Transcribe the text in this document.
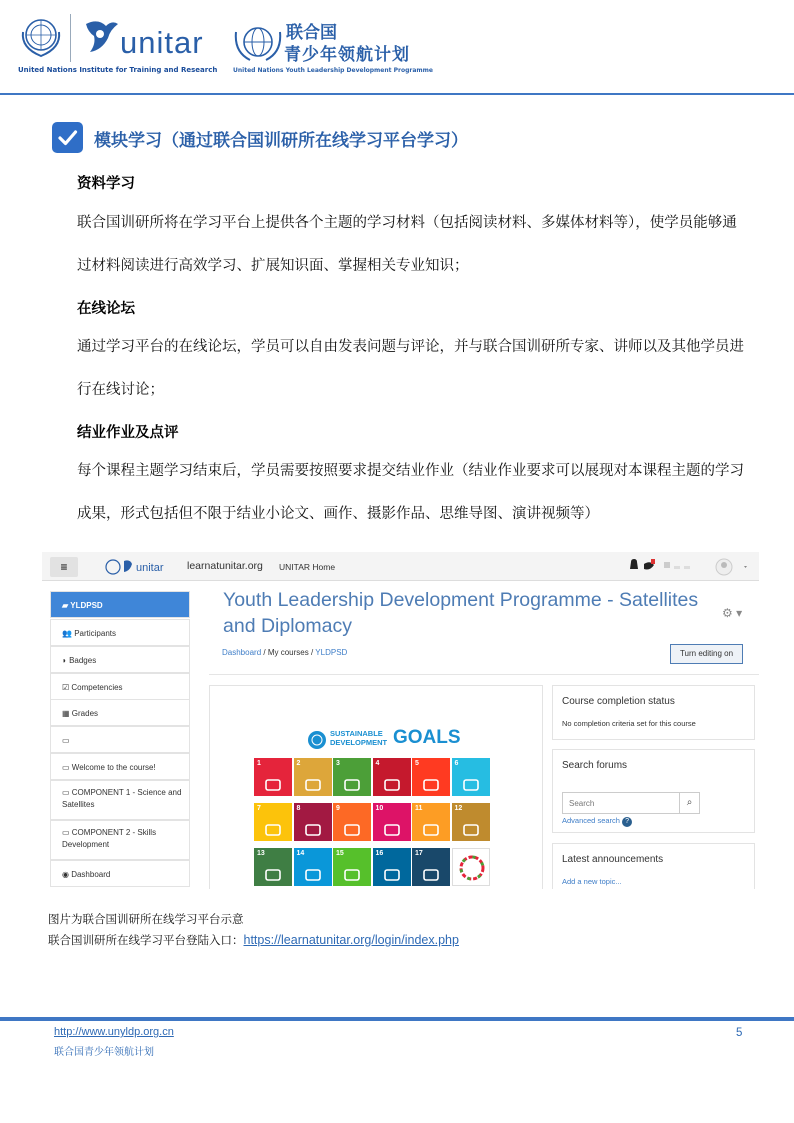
United Nations Institute for Training and Research
unitar	联合国
青少年领航计划
United Nations Youth Leadership Development Programme
模块学习（通过联合国训研所在线学习平台学习）
资料学习
联合国训研所将在学习平台上提供各个主题的学习材料（包括阅读材料、多媒体材料等），使学员能够通过材料阅读进行高效学习、扩展知识面、掌握相关专业知识；
在线论坛
通过学习平台的在线论坛，学员可以自由发表问题与评论，并与联合国训研所专家、讲师以及其他学员进行在线讨论；
结业作业及点评
每个课程主题学习结束后，学员需要按照要求提交结业作业（结业作业要求可以展现对本课程主题的学习成果，形式包括但不限于结业小论文、画作、摄影作品、思维导图、演讲视频等）
≡	unitar learnatunitar.org UNITAR Home
▰ YLDPSD
👥 Participants
◗ Badges
☑ Competencies
▦ Grades
▭
▭ Welcome to the course!
▭ COMPONENT 1 - Science and Satellites
▭ COMPONENT 2 - Skills Development
◉ Dashboard
Youth Leadership Development Programme - Satellites and Diplomacy
⚙ ▾
Dashboard / My courses / YLDPSD	Turn editing on
SUSTAINABLE
DEVELOPMENT GOALS
1	2	3	4	5	6
7	8	9	10	11	12
13	14	15	16	17
Course completion status
No completion criteria set for this course
Search forums
Search	⌕
Advanced search ?
Latest announcements
Add a new topic...
图片为联合国训研所在线学习平台示意
联合国训研所在线学习平台登陆入口：https://learnatunitar.org/login/index.php
http://www.unyldp.org.cn
联合国青少年领航计划
5
